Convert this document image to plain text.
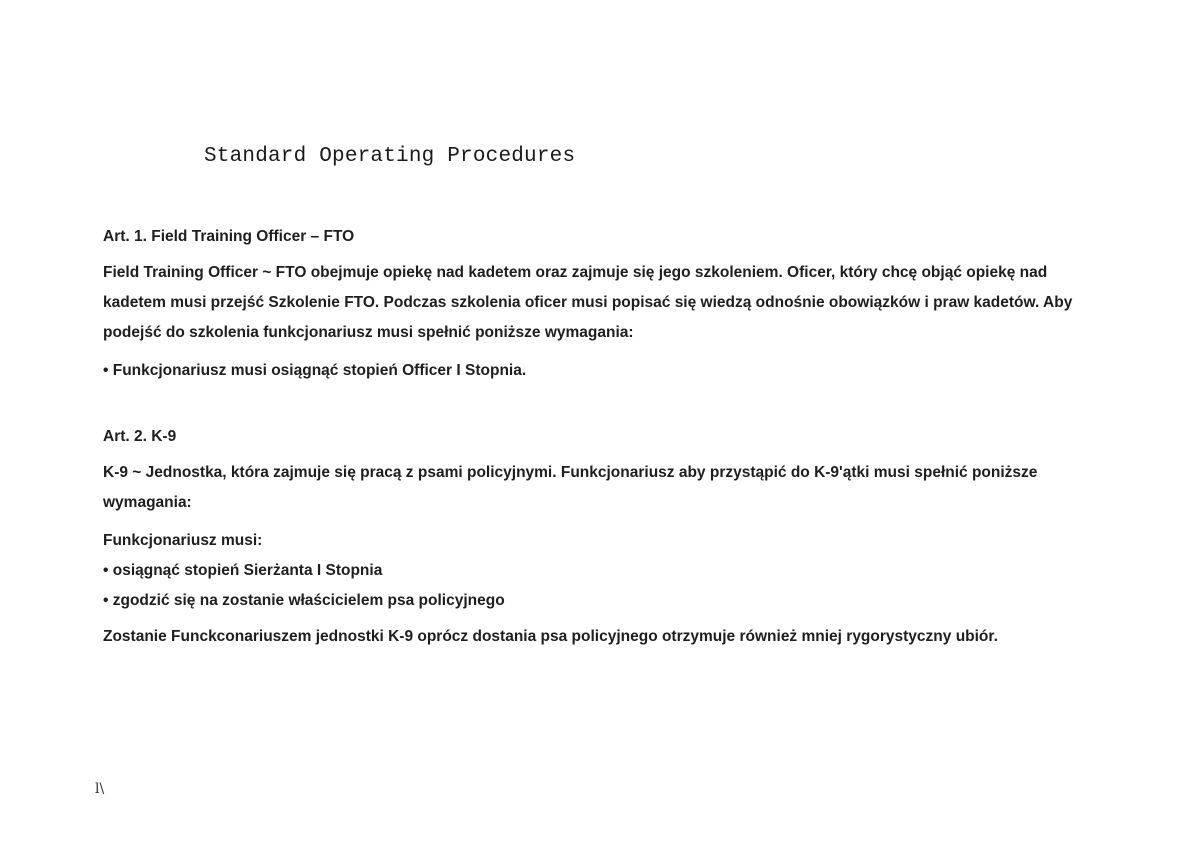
Standard Operating Procedures

Art. 1. Field Training Officer – FTO

Field Training Officer ~ FTO obejmuje opiekę nad kadetem oraz zajmuje się jego szkoleniem. Oficer, który chcę objąć opiekę nad kadetem musi przejść Szkolenie FTO. Podczas szkolenia oficer musi popisać się wiedzą odnośnie obowiązków i praw kadetów. Aby podejść do szkolenia funkcjonariusz musi spełnić poniższe wymagania:

• Funkcjonariusz musi osiągnąć stopień Officer I Stopnia.

Art. 2. K-9

K-9 ~ Jednostka, która zajmuje się pracą z psami policyjnymi. Funkcjonariusz aby przystąpić do K-9'ątki musi spełnić poniższe wymagania:

Funkcjonariusz musi:

• osiągnąć stopień Sierżanta I Stopnia

• zgodzić się na zostanie właścicielem psa policyjnego

Zostanie Funckconariuszem jednostki K-9 oprócz dostania psa policyjnego otrzymuje również mniej rygorystyczny ubiór.

l\
